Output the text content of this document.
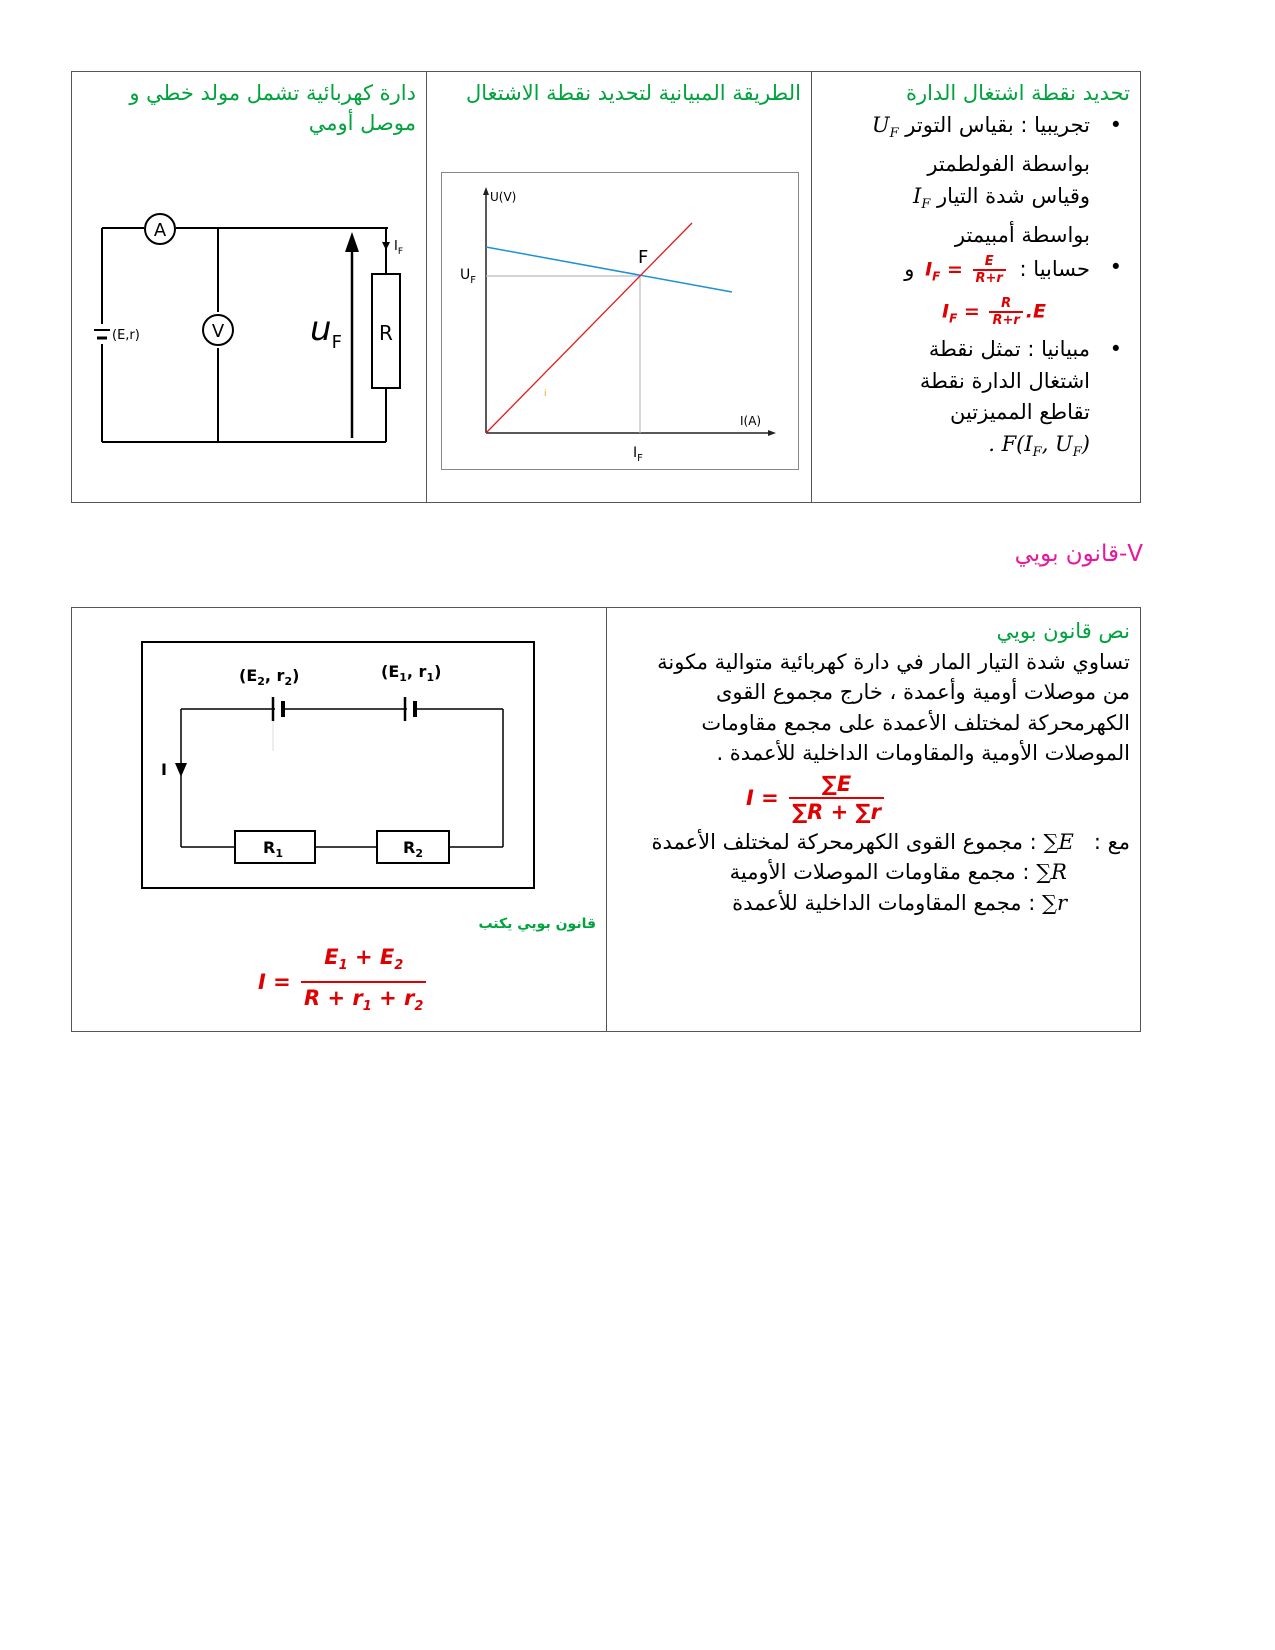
دارة كهربائية تشمل مولد خطي و
موصل أومي
(E,r)
A
V	$u_F$
$I_F$
R

الطريقة المبيانية لتحديد نقطة الاشتغال
U(V)
I(A)
F
$U_F$
$I_F$
i

تحديد نقطة اشتغال الدارة
• تجريبيا : بقياس التوتر $U_F$
بواسطة الفولطمتر
وقياس شدة التيار $I_F$
بواسطة أمبيمتر
• حسابيا : $I_F = \frac{E}{R+r}$
و
$I_F = \frac{R}{R+r} .E$
• مبيانيا : تمثل نقطة
اشتغال الدارة نقطة
تقاطع المميزتين
. $F(I_F$, $U_F$)
V-قانون بويي
($E_2$, $r_2$)	($E_1$, $r_1$)
I
$R_1$	$R_2$
قانون بويي يكتب
$I = \frac{E_1 + E_2}{R + r_1 + r_2}$

نص قانون بويي
تساوي شدة التيار المار في دارة كهربائية متوالية مكونة
من موصلات أومية وأعمدة ، خارج مجموع القوى
الكهرمحركة لمختلف الأعمدة على مجمع مقاومات
الموصلات الأومية والمقاومات الداخلية للأعمدة .
$I = \frac{\sum E}{\sum R + \sum r}$
مع :   ∑E : مجموع القوى الكهرمحركة لمختلف الأعمدة
∑R : مجمع مقاومات الموصلات الأومية
∑r : مجمع المقاومات الداخلية للأعمدة
